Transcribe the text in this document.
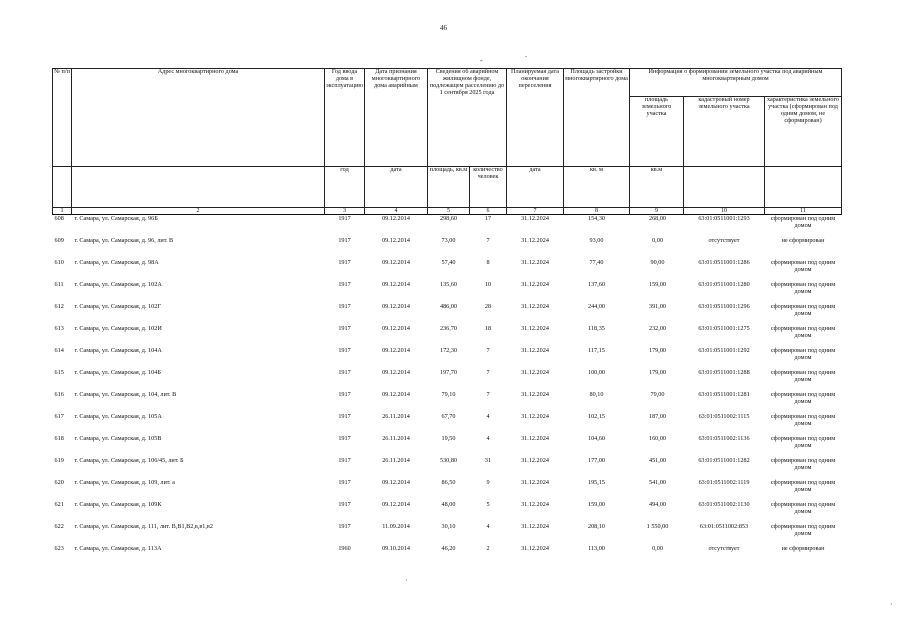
46
-
.
·
·
№ п/п	Адрес многоквартирного дома	Год ввода дома в эксплуатацию	Дата признания многоквартирного дома аварийным	Сведения об аварийном жилищном фонде, подлежащем расселению до 1 сентября 2025 года		Планируемая дата окончания переселения	Площадь застройки многоквартирного дома	Информация о формировании земельного участка под аварийным многоквартирным домом		
								площадь земельного участка	кадастровый номер земельного участка	характеристика земельного участка (сформирован под одним домом, не сформирован)
		год	дата	площадь, кв.м	количество человек	дата	кв. м	кв.м		
1	2	3	4	5	6	7	8	9	10	11
608	г. Самара, ул. Самарская, д. 96Б	1917	09.12.2014	298,60	17	31.12.2024	154,30	268,00	63:01:0511001:1293	сформирован под одним домом
609	г. Самара, ул. Самарская, д. 96, лит. В	1917	09.12.2014	73,00	7	31.12.2024	93,00	0,00	отсутствует	не сформирован
610	г. Самара, ул. Самарская, д. 98А	1917	09.12.2014	57,40	8	31.12.2024	77,40	90,00	63:01:0511001:1286	сформирован под одним домом
611	г. Самара, ул. Самарская, д. 102А	1917	09.12.2014	135,60	10	31.12.2024	137,60	159,00	63:01:0511001:1280	сформирован под одним домом
612	г. Самара, ул. Самарская, д. 102Г	1917	09.12.2014	486,00	28	31.12.2024	244,00	391,00	63:01:0511001:1296	сформирован под одним домом
613	г. Самара, ул. Самарская, д. 102И	1917	09.12.2014	236,70	18	31.12.2024	118,35	232,00	63:01:0511001:1275	сформирован под одним домом
614	г. Самара, ул. Самарская, д. 104А	1917	09.12.2014	172,30	7	31.12.2024	117,15	179,00	63:01:0511001:1292	сформирован под одним домом
615	г. Самара, ул. Самарская, д. 104Б	1917	09.12.2014	197,70	7	31.12.2024	100,00	179,00	63:01:0511001:1288	сформирован под одним домом
616	г. Самара, ул. Самарская, д. 104, лит. В	1917	09.12.2014	79,10	7	31.12.2024	80,10	79,00	63:01:0511001:1281	сформирован под одним домом
617	г. Самара, ул. Самарская, д. 105А	1917	26.11.2014	67,70	4	31.12.2024	102,15	187,00	63:01:0511002:1115	сформирован под одним домом
618	г. Самара, ул. Самарская, д. 105В	1917	26.11.2014	19,50	4	31.12.2024	104,60	160,00	63:01:0511002:1136	сформирован под одним домом
619	г. Самара, ул. Самарская, д. 106/45, лит. Б	1917	26.11.2014	530,80	31	31.12.2024	177,00	451,00	63:01:0511001:1282	сформирован под одним домом
620	г. Самара, ул. Самарская, д. 109, лит. а	1917	09.12.2014	86,50	9	31.12.2024	195,15	541,00	63:01:0511002:1119	сформирован под одним домом
621	г. Самара, ул. Самарская, д. 109К	1917	09.12.2014	48,00	5	31.12.2024	159,00	494,00	63:01:0511002:1130	сформирован под одним домом
622	г. Самара, ул. Самарская, д. 111, лит. В,В1,В2,в,в1,в2	1917	11.09.2014	30,10	4	31.12.2024	208,10	1 550,00	63:01:0511002:853	сформирован под одним домом
623	г. Самара, ул. Самарская, д. 113А	1960	09.10.2014	46,20	2	31.12.2024	113,00	0,00	отсутствует	не сформирован
